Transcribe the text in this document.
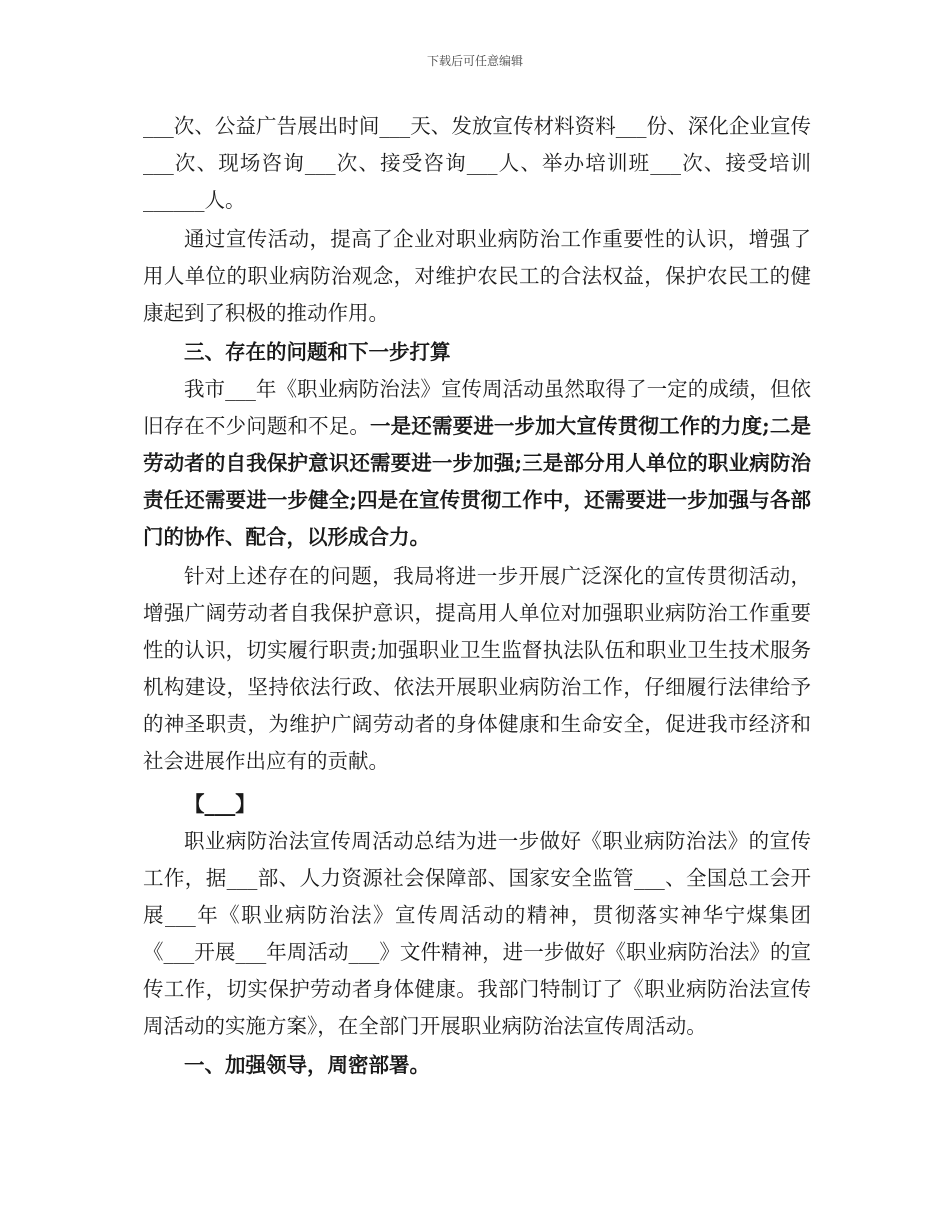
下载后可任意编辑

___次、公益广告展出时间___天、发放宣传材料资料___份、深化企业宣传___次、现场咨询___次、接受咨询___人、举办培训班___次、接受培训______人。

通过宣传活动，提高了企业对职业病防治工作重要性的认识，增强了用人单位的职业病防治观念，对维护农民工的合法权益，保护农民工的健康起到了积极的推动作用。

三、存在的问题和下一步打算

我市___年《职业病防治法》宣传周活动虽然取得了一定的成绩，但依旧存在不少问题和不足。一是还需要进一步加大宣传贯彻工作的力度;二是劳动者的自我保护意识还需要进一步加强;三是部分用人单位的职业病防治责任还需要进一步健全;四是在宣传贯彻工作中，还需要进一步加强与各部门的协作、配合，以形成合力。

针对上述存在的问题，我局将进一步开展广泛深化的宣传贯彻活动，增强广阔劳动者自我保护意识，提高用人单位对加强职业病防治工作重要性的认识，切实履行职责;加强职业卫生监督执法队伍和职业卫生技术服务机构建设，坚持依法行政、依法开展职业病防治工作，仔细履行法律给予的神圣职责，为维护广阔劳动者的身体健康和生命安全，促进我市经济和社会进展作出应有的贡献。

【___】

职业病防治法宣传周活动总结为进一步做好《职业病防治法》的宣传工作，据___部、人力资源社会保障部、国家安全监管___、全国总工会开展___年《职业病防治法》宣传周活动的精神，贯彻落实神华宁煤集团《___开展___年周活动___》文件精神，进一步做好《职业病防治法》的宣传工作，切实保护劳动者身体健康。我部门特制订了《职业病防治法宣传周活动的实施方案》，在全部门开展职业病防治法宣传周活动。

一、加强领导，周密部署。
